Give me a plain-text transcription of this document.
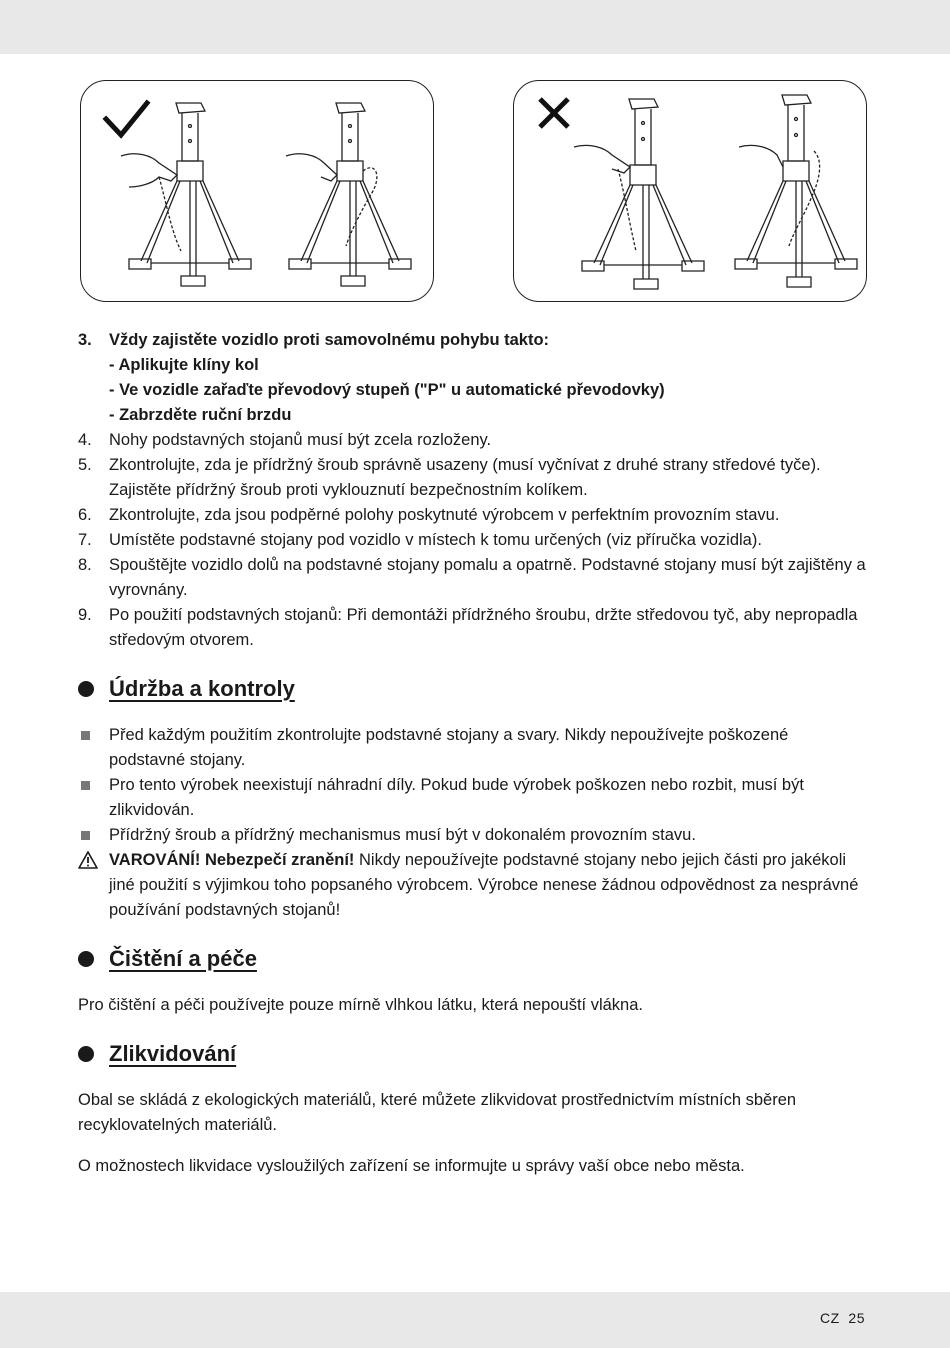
3.	Vždy zajistěte vozidlo proti samovolnému pohybu takto:
- Aplikujte klíny kol
- Ve vozidle zařaďte převodový stupeň ("P" u automatické převodovky)
- Zabrzděte ruční brzdu
4.	Nohy podstavných stojanů musí být zcela rozloženy.
5.	Zkontrolujte, zda je přídržný šroub správně usazeny (musí vyčnívat z druhé strany středové tyče). Zajistěte přídržný šroub proti vyklouznutí bezpečnostním kolíkem.
6.	Zkontrolujte, zda jsou podpěrné polohy poskytnuté výrobcem v perfektním provozním stavu.
7.	Umístěte podstavné stojany pod vozidlo v místech k tomu určených (viz příručka vozidla).
8.	Spouštějte vozidlo dolů na podstavné stojany pomalu a opatrně. Podstavné stojany musí být zajištěny a vyrovnány.
9.	Po použití podstavných stojanů: Při demontáži přídržného šroubu, držte středovou tyč, aby nepropadla středovým otvorem.
Údržba a kontroly
Před každým použitím zkontrolujte podstavné stojany a svary. Nikdy nepoužívejte poškozené podstavné stojany.
Pro tento výrobek neexistují náhradní díly. Pokud bude výrobek poškozen nebo rozbit, musí být zlikvidován.
Přídržný šroub a přídržný mechanismus musí být v dokonalém provozním stavu.
VAROVÁNÍ! Nebezpečí zranění! Nikdy nepoužívejte podstavné stojany nebo jejich části pro jakékoli jiné použití s výjimkou toho popsaného výrobcem. Výrobce nenese žádnou odpovědnost za nesprávné používání podstavných stojanů!
Čištění a péče
Pro čištění a péči používejte pouze mírně vlhkou látku, která nepouští vlákna.
Zlikvidování
Obal se skládá z ekologických materiálů, které můžete zlikvidovat prostřednictvím místních sběren recyklovatelných materiálů.
O možnostech likvidace vysloužilých zařízení se informujte u správy vaší obce nebo města.
CZ  25
